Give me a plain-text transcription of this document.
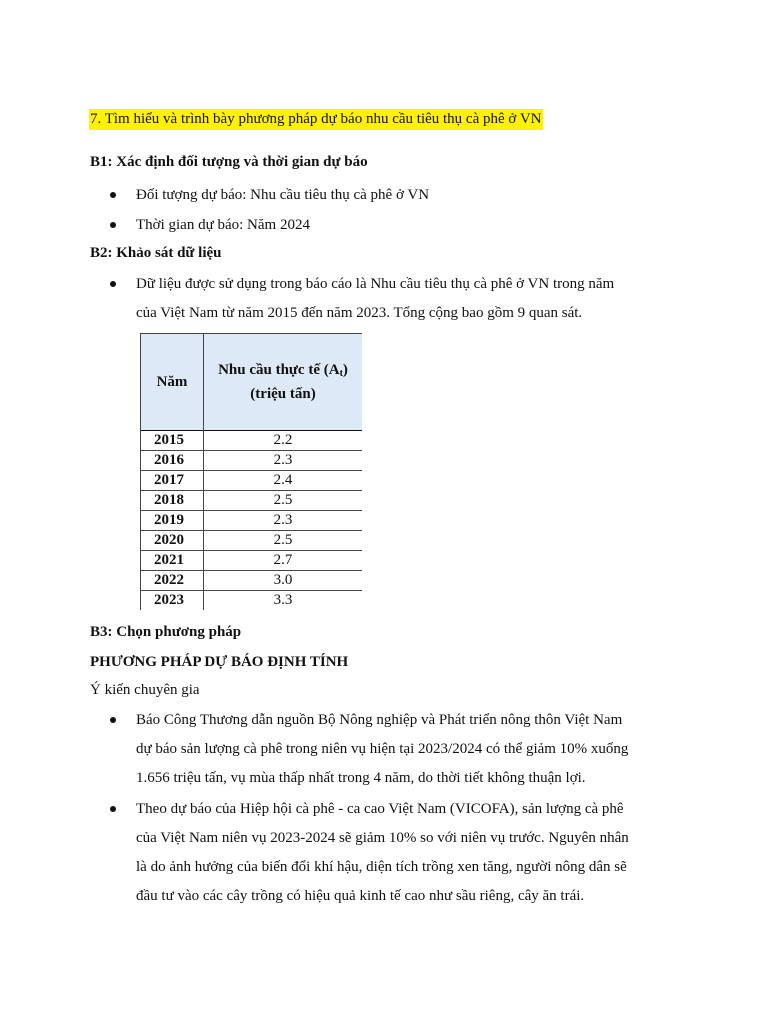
7. Tìm hiểu và trình bày phương pháp dự báo nhu cầu tiêu thụ cà phê ở VN
B1: Xác định đối tượng và thời gian dự báo
Đối tượng dự báo: Nhu cầu tiêu thụ cà phê ở VN
Thời gian dự báo: Năm 2024
B2: Khảo sát dữ liệu
Dữ liệu được sử dụng trong báo cáo là Nhu cầu tiêu thụ cà phê ở VN trong năm
của Việt Nam từ năm 2015 đến năm 2023. Tổng cộng bao gồm 9 quan sát.
Năm	Nhu cầu thực tế $(A_t)$
(triệu tấn)
2015	2.2
2016	2.3
2017	2.4
2018	2.5
2019	2.3
2020	2.5
2021	2.7
2022	3.0
2023	3.3
B3: Chọn phương pháp
PHƯƠNG PHÁP DỰ BÁO ĐỊNH TÍNH
Ý kiến chuyên gia
Báo Công Thương dẫn nguồn Bộ Nông nghiệp và Phát triển nông thôn Việt Nam
dự báo sản lượng cà phê trong niên vụ hiện tại 2023/2024 có thể giảm 10% xuống
1.656 triệu tấn, vụ mùa thấp nhất trong 4 năm, do thời tiết không thuận lợi.
Theo dự báo của Hiệp hội cà phê - ca cao Việt Nam (VICOFA), sản lượng cà phê
của Việt Nam niên vụ 2023-2024 sẽ giảm 10% so với niên vụ trước. Nguyên nhân
là do ảnh hưởng của biến đổi khí hậu, diện tích trồng xen tăng, người nông dân sẽ
đầu tư vào các cây trồng có hiệu quả kinh tế cao như sầu riêng, cây ăn trái.
